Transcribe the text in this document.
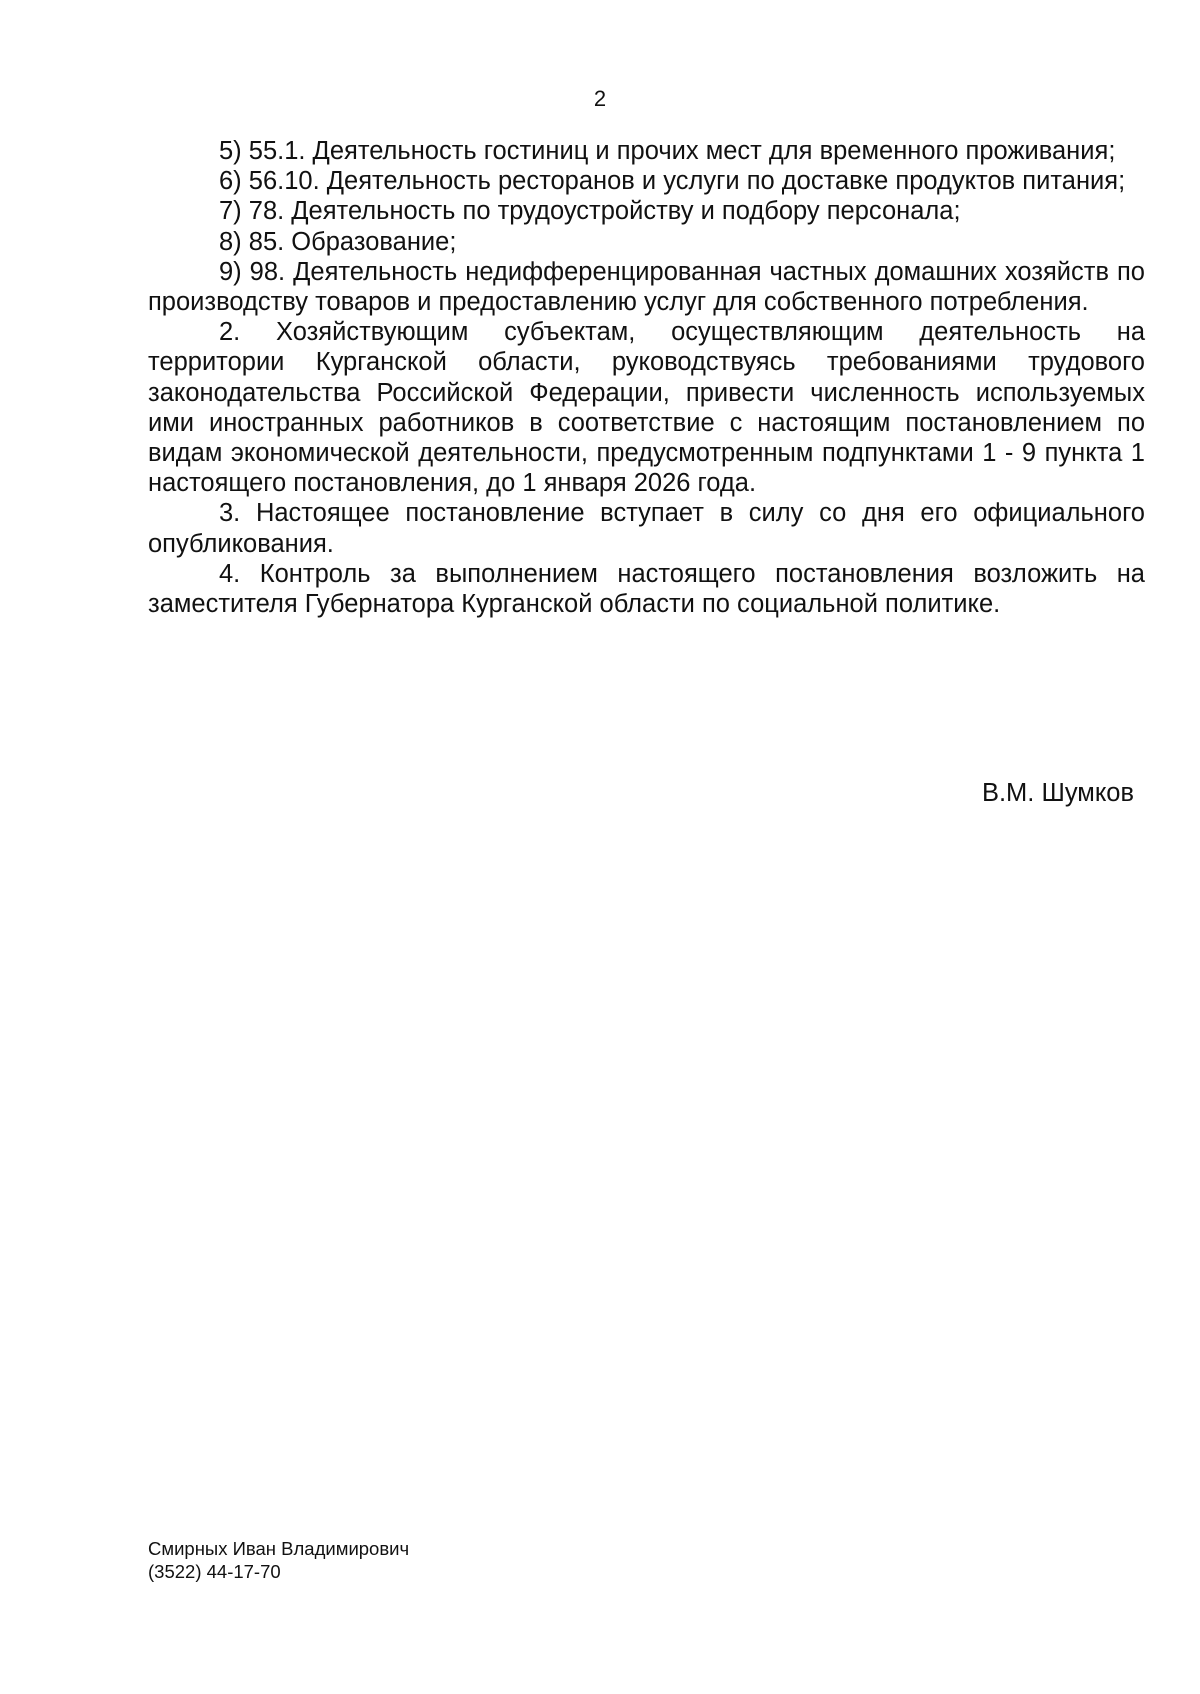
2

5) 55.1. Деятельность гостиниц и прочих мест для временного проживания;

6) 56.10. Деятельность ресторанов и услуги по доставке продуктов питания;

7) 78. Деятельность по трудоустройству и подбору персонала;

8) 85. Образование;

9) 98. Деятельность недифференцированная частных домашних хозяйств по производству товаров и предоставлению услуг для собственного потребления.

2. Хозяйствующим субъектам, осуществляющим деятельность на территории Курганской области, руководствуясь требованиями трудового законодательства Российской Федерации, привести численность используемых ими иностранных работников в соответствие с настоящим постановлением по видам экономической деятельности, предусмотренным подпунктами 1 - 9 пункта 1 настоящего постановления, до 1 января 2026 года.

3. Настоящее постановление вступает в силу со дня его официального опубликования.

4. Контроль за выполнением настоящего постановления возложить на заместителя Губернатора Курганской области по социальной политике.

В.М. Шумков
Смирных Иван Владимирович
(3522) 44-17-70
